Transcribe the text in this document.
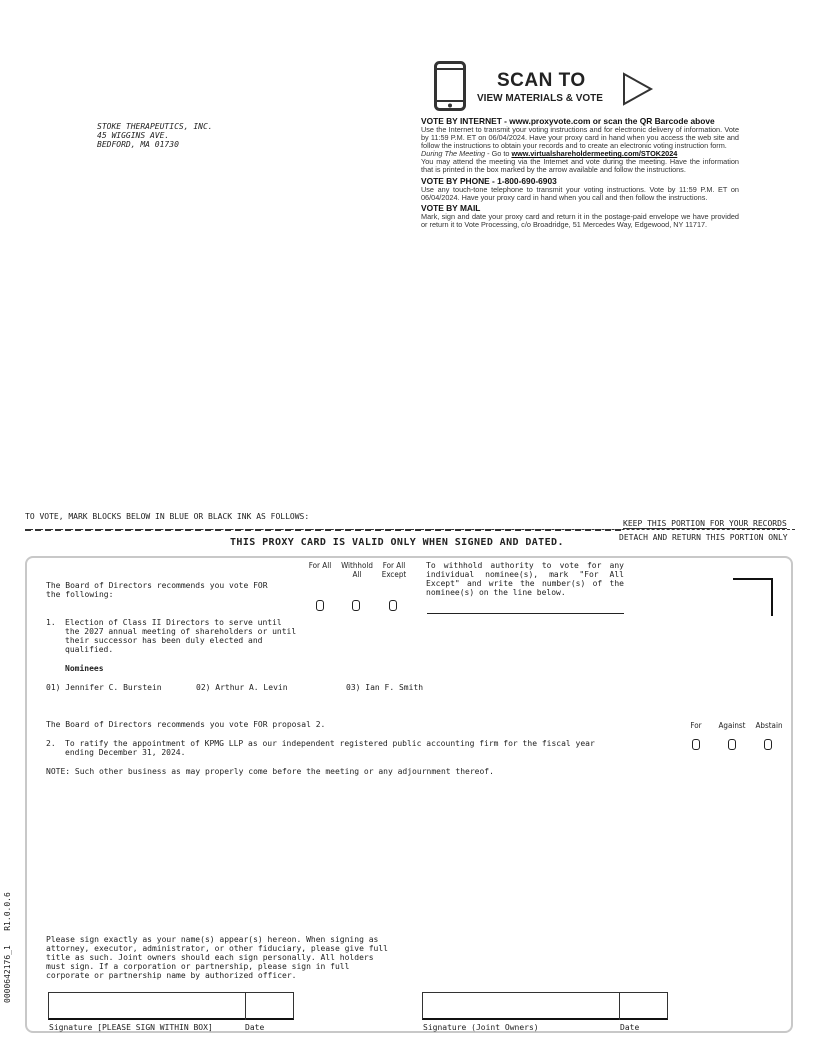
STOKE THERAPEUTICS, INC.
45 WIGGINS AVE.
BEDFORD, MA 01730
SCAN TO
VIEW MATERIALS & VOTE
VOTE BY INTERNET - www.proxyvote.com or scan the QR Barcode above

Use the Internet to transmit your voting instructions and for electronic delivery of information. Vote by 11:59 P.M. ET on 06/04/2024. Have your proxy card in hand when you access the web site and follow the instructions to obtain your records and to create an electronic voting instruction form.

During The Meeting - Go to www.virtualshareholdermeeting.com/STOK2024

You may attend the meeting via the Internet and vote during the meeting. Have the information that is printed in the box marked by the arrow available and follow the instructions.

VOTE BY PHONE - 1-800-690-6903

Use any touch-tone telephone to transmit your voting instructions. Vote by 11:59 P.M. ET on 06/04/2024. Have your proxy card in hand when you call and then follow the instructions.

VOTE BY MAIL

Mark, sign and date your proxy card and return it in the postage-paid envelope we have provided or return it to Vote Processing, c/o Broadridge, 51 Mercedes Way, Edgewood, NY 11717.

TO VOTE, MARK BLOCKS BELOW IN BLUE OR BLACK INK AS FOLLOWS:
KEEP THIS PORTION FOR YOUR RECORDS
DETACH AND RETURN THIS PORTION ONLY
THIS PROXY CARD IS VALID ONLY WHEN SIGNED AND DATED.
The Board of Directors recommends you vote FOR the following:
For All	Withhold All
For All Except
To withhold authority to vote for any individual nominee(s), mark "For All Except" and write the number(s) of the nominee(s) on the line below.
1. Election of Class II Directors to serve until the 2027 annual meeting of shareholders or until their successor has been duly elected and qualified.
Nominees
01) Jennifer C. Burstein	02) Arthur A. Levin	03) Ian F. Smith
The Board of Directors recommends you vote FOR proposal 2.	For	Against	Abstain
2. To ratify the appointment of KPMG LLP as our independent registered public accounting firm for the fiscal year ending December 31, 2024.
NOTE: Such other business as may properly come before the meeting or any adjournment thereof.
Please sign exactly as your name(s) appear(s) hereon. When signing as attorney, executor, administrator, or other fiduciary, please give full title as such. Joint owners should each sign personally. All holders must sign. If a corporation or partnership, please sign in full corporate or partnership name by authorized officer.
Signature [PLEASE SIGN WITHIN BOX]	Date	Signature (Joint Owners)	Date
0000642176_1   R1.0.0.6
